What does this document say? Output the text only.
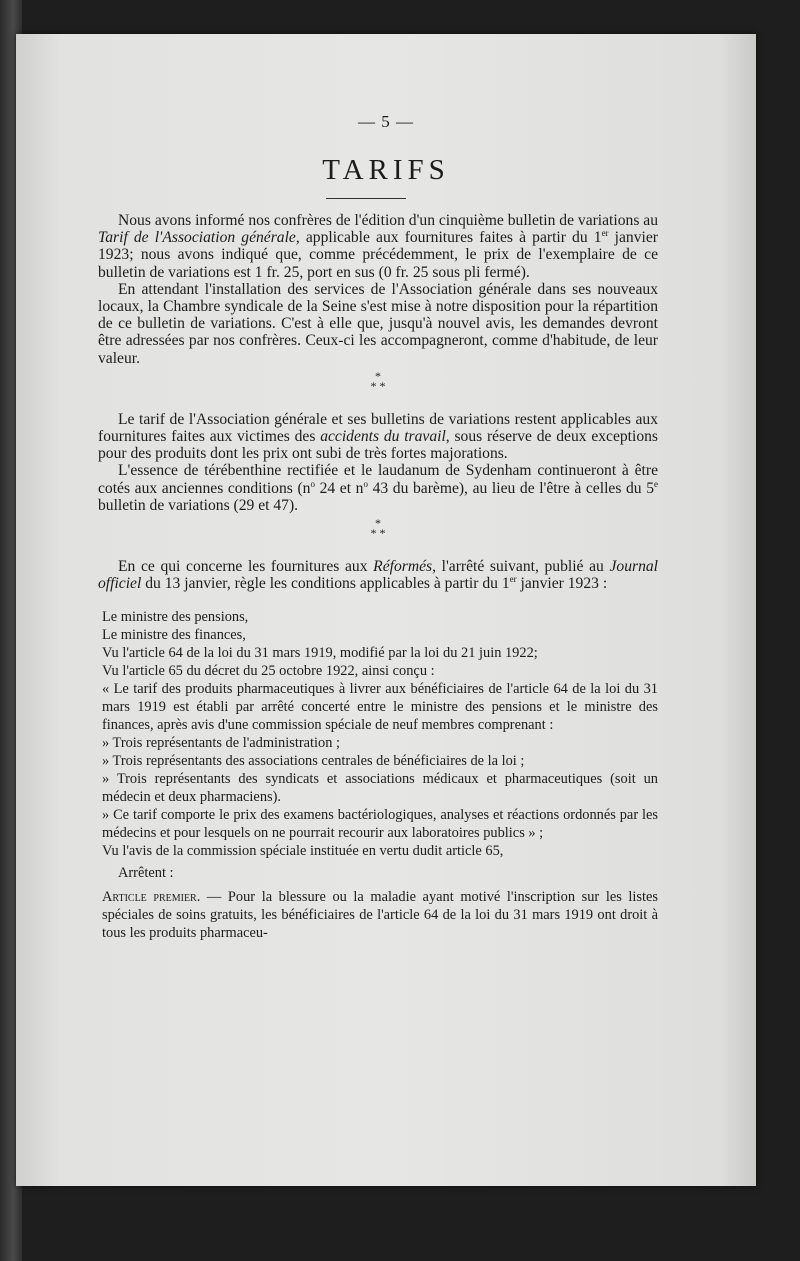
— 5 —
TARIFS

Nous avons informé nos confrères de l'édition d'un cinquième bulletin de variations au Tarif de l'Association générale, applicable aux fournitures faites à partir du 1er janvier 1923; nous avons indiqué que, comme précédemment, le prix de l'exemplaire de ce bulletin de variations est 1 fr. 25, port en sus (0 fr. 25 sous pli fermé).

En attendant l'installation des services de l'Association générale dans ses nouveaux locaux, la Chambre syndicale de la Seine s'est mise à notre disposition pour la répartition de ce bulletin de variations. C'est à elle que, jusqu'à nouvel avis, les demandes devront être adressées par nos confrères. Ceux-ci les accompagneront, comme d'habitude, de leur valeur.

*
* *

Le tarif de l'Association générale et ses bulletins de variations restent applicables aux fournitures faites aux victimes des accidents du travail, sous réserve de deux exceptions pour des produits dont les prix ont subi de très fortes majorations.

L'essence de térébenthine rectifiée et le laudanum de Sydenham continueront à être cotés aux anciennes conditions ($n^o$ 24 et $n^o$ 43 du barème), au lieu de l'être à celles du 5e bulletin de variations (29 et 47).

*
* *

En ce qui concerne les fournitures aux Réformés, l'arrêté suivant, publié au Journal officiel du 13 janvier, règle les conditions applicables à partir du 1er janvier 1923 :

Le ministre des pensions,

Le ministre des finances,

Vu l'article 64 de la loi du 31 mars 1919, modifié par la loi du 21 juin 1922;

Vu l'article 65 du décret du 25 octobre 1922, ainsi conçu :

« Le tarif des produits pharmaceutiques à livrer aux bénéficiaires de l'article 64 de la loi du 31 mars 1919 est établi par arrêté concerté entre le ministre des pensions et le ministre des finances, après avis d'une commission spéciale de neuf membres comprenant :

» Trois représentants de l'administration ;

» Trois représentants des associations centrales de bénéficiaires de la loi ;

» Trois représentants des syndicats et associations médicaux et pharmaceutiques (soit un médecin et deux pharmaciens).

» Ce tarif comporte le prix des examens bactériologiques, analyses et réactions ordonnés par les médecins et pour lesquels on ne pourrait recourir aux laboratoires publics » ;

Vu l'avis de la commission spéciale instituée en vertu dudit article 65,

Arrêtent :

Article premier. — Pour la blessure ou la maladie ayant motivé l'inscription sur les listes spéciales de soins gratuits, les bénéficiaires de l'article 64 de la loi du 31 mars 1919 ont droit à tous les produits pharmaceu-
